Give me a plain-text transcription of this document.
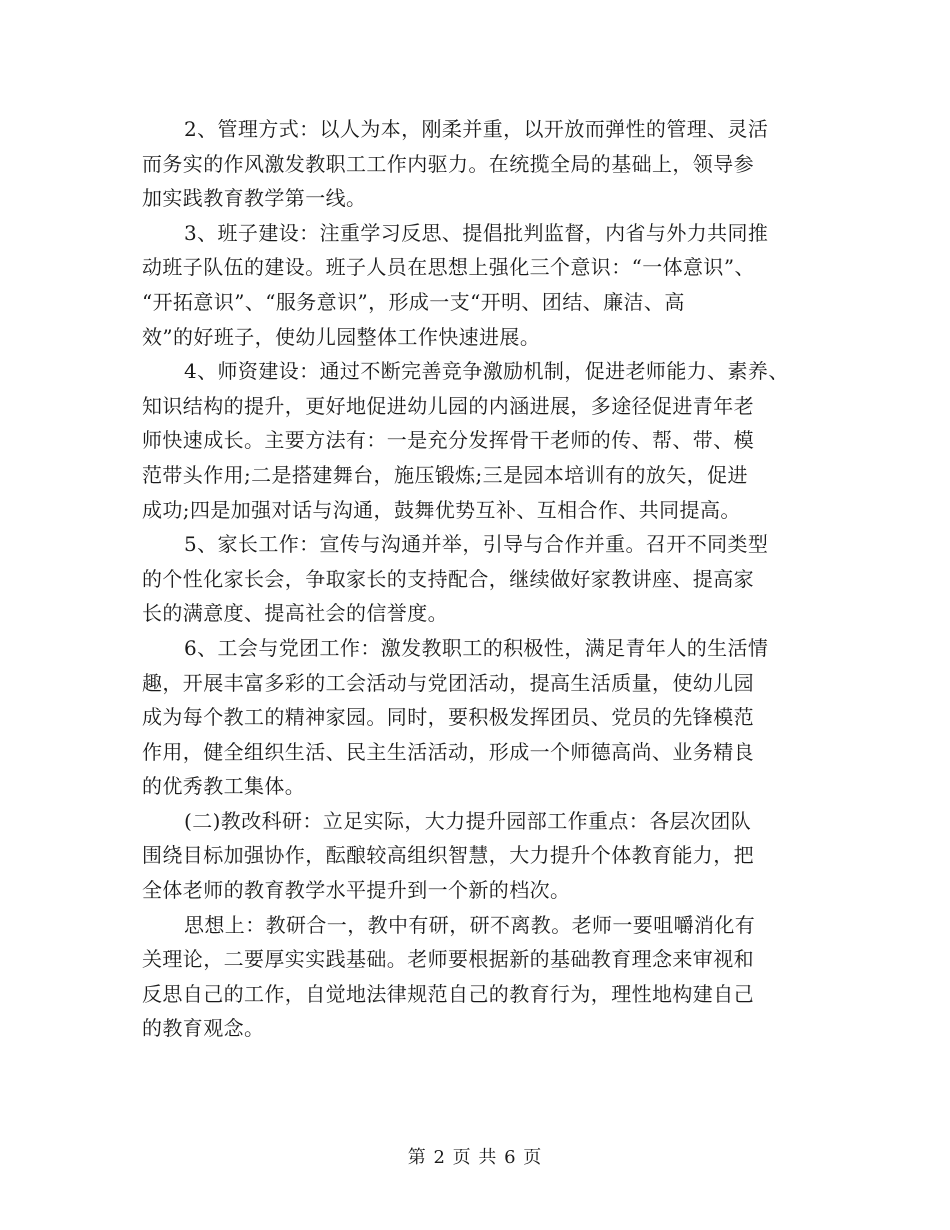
2、管理方式：以人为本，刚柔并重，以开放而弹性的管理、灵活
而务实的作风激发教职工工作内驱力。在统揽全局的基础上，领导参
加实践教育教学第一线。
3、班子建设：注重学习反思、提倡批判监督，内省与外力共同推
动班子队伍的建设。班子人员在思想上强化三个意识：“一体意识”、
“开拓意识”、“服务意识”，形成一支“开明、团结、廉洁、高
效”的好班子，使幼儿园整体工作快速进展。
4、师资建设：通过不断完善竞争激励机制，促进老师能力、素养、
知识结构的提升，更好地促进幼儿园的内涵进展，多途径促进青年老
师快速成长。主要方法有：一是充分发挥骨干老师的传、帮、带、模
范带头作用;二是搭建舞台，施压锻炼;三是园本培训有的放矢，促进
成功;四是加强对话与沟通，鼓舞优势互补、互相合作、共同提高。
5、家长工作：宣传与沟通并举，引导与合作并重。召开不同类型
的个性化家长会，争取家长的支持配合，继续做好家教讲座、提高家
长的满意度、提高社会的信誉度。
6、工会与党团工作：激发教职工的积极性，满足青年人的生活情
趣，开展丰富多彩的工会活动与党团活动，提高生活质量，使幼儿园
成为每个教工的精神家园。同时，要积极发挥团员、党员的先锋模范
作用，健全组织生活、民主生活活动，形成一个师德高尚、业务精良
的优秀教工集体。
(二)教改科研：立足实际，大力提升园部工作重点：各层次团队
围绕目标加强协作，酝酿较高组织智慧，大力提升个体教育能力，把
全体老师的教育教学水平提升到一个新的档次。
思想上：教研合一，教中有研，研不离教。老师一要咀嚼消化有
关理论，二要厚实实践基础。老师要根据新的基础教育理念来审视和
反思自己的工作，自觉地法律规范自己的教育行为，理性地构建自己
的教育观念。
第 2 页 共 6 页
